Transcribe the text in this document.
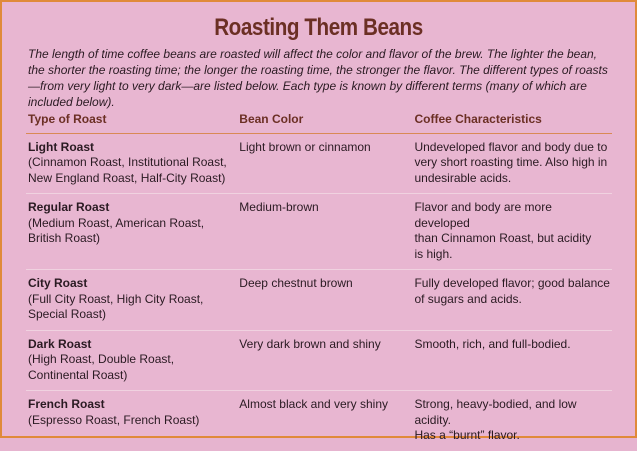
Roasting Them Beans
The length of time coffee beans are roasted will affect the color and flavor of the brew. The lighter the bean, the shorter the roasting time; the longer the roasting time, the stronger the flavor. The different types of roasts—from very light to very dark—are listed below. Each type is known by different terms (many of which are included below).
Type of Roast	Bean Color	Coffee Characteristics

Light Roast
(Cinnamon Roast, Institutional Roast,
New England Roast, Half-City Roast)	Light brown or cinnamon	Undeveloped flavor and body due to
very short roasting time. Also high in
undesirable acids.

Regular Roast
(Medium Roast, American Roast,
British Roast)	Medium-brown	Flavor and body are more developed
than Cinnamon Roast, but acidity
is high.

City Roast
(Full City Roast, High City Roast,
Special Roast)	Deep chestnut brown	Fully developed flavor; good balance
of sugars and acids.

Dark Roast
(High Roast, Double Roast,
Continental Roast)	Very dark brown and shiny	Smooth, rich, and full-bodied.

French Roast
(Espresso Roast, French Roast)	Almost black and very shiny	Strong, heavy-bodied, and low acidity.
Has a “burnt” flavor.
